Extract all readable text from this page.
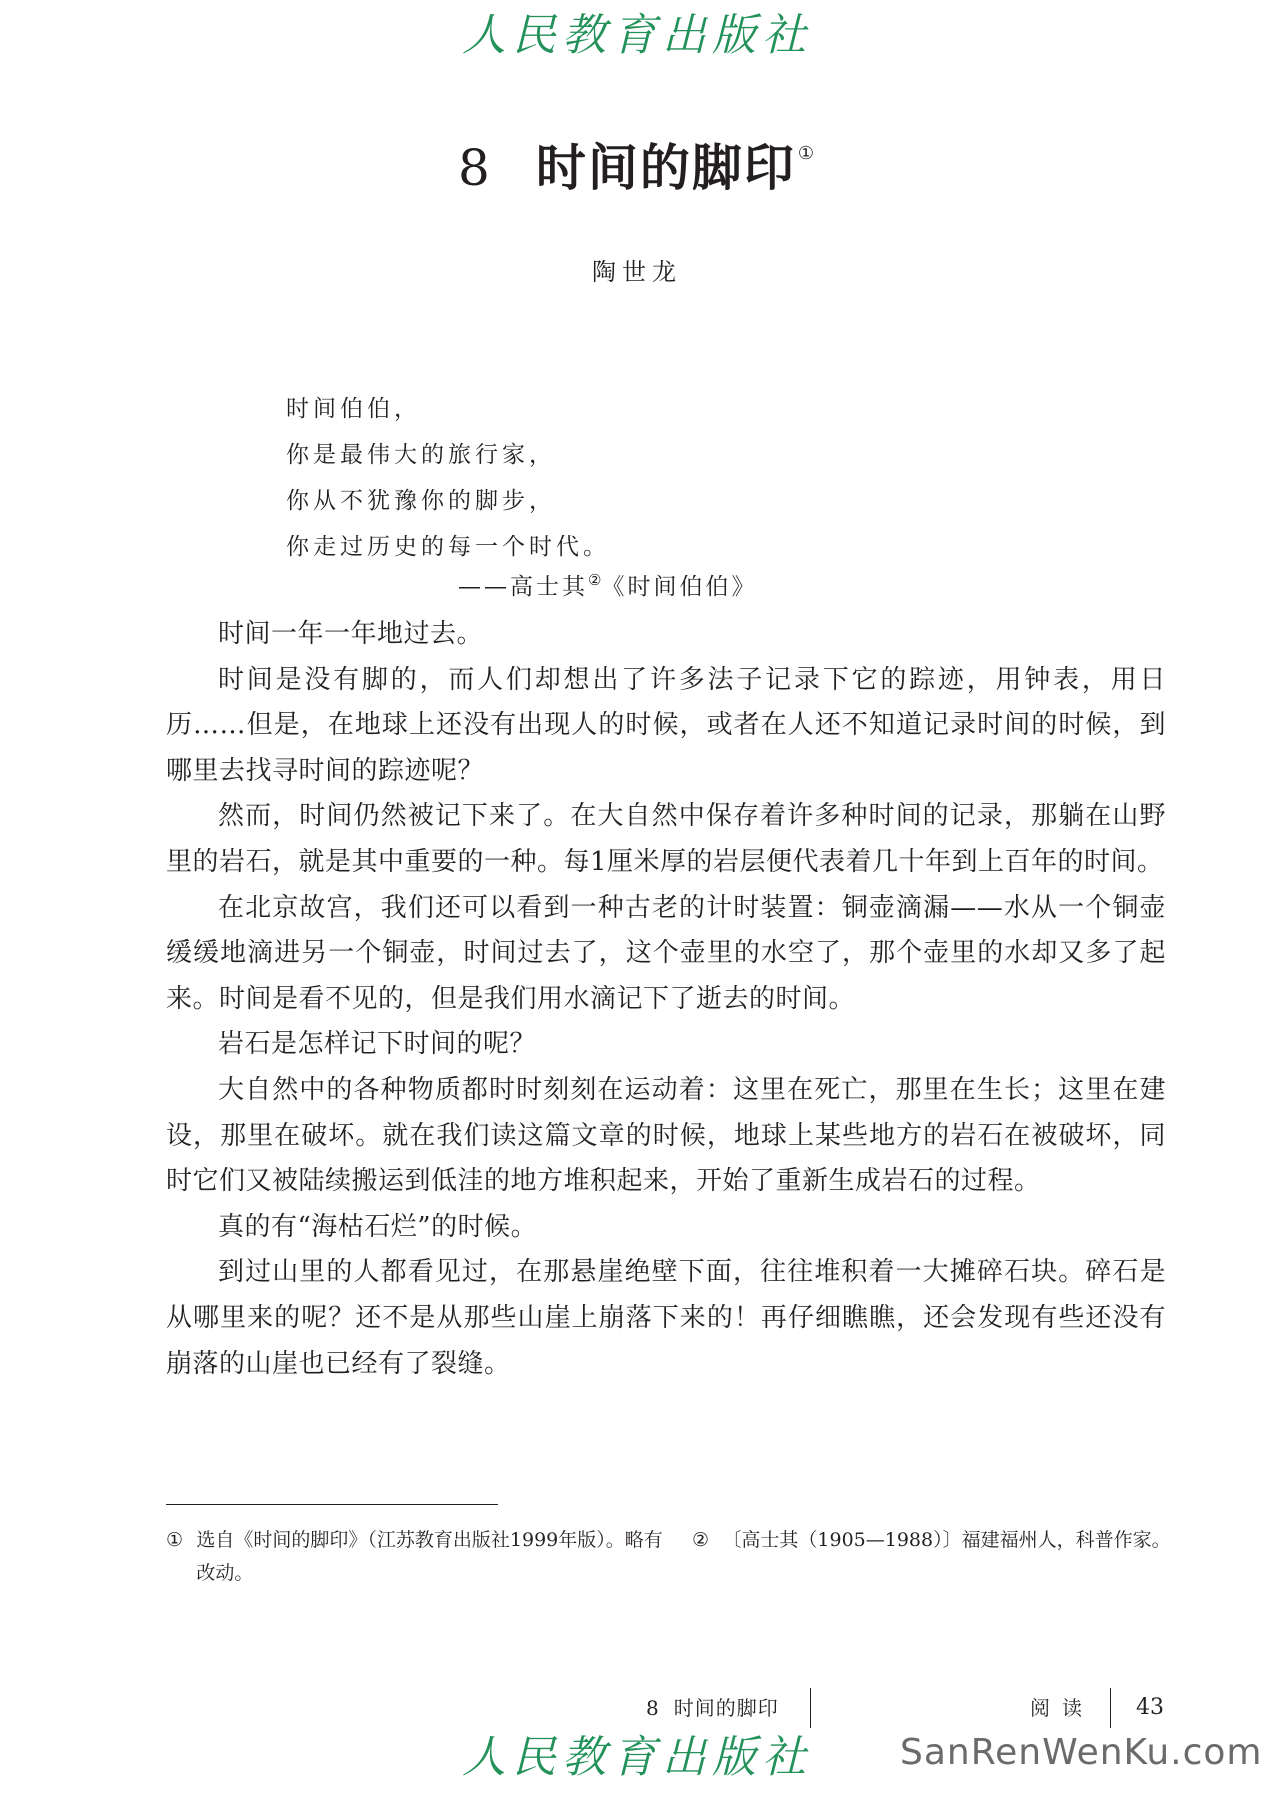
人民教育出版社
8 时间的脚印 ①
陶世龙
时间伯伯，
你是最伟大的旅行家，
你从不犹豫你的脚步，
你走过历史的每一个时代。
——高士其②《时间伯伯》

时间一年一年地过去。

时间是没有脚的，而人们却想出了许多法子记录下它的踪迹，用钟表，用日历……但是，在地球上还没有出现人的时候，或者在人还不知道记录时间的时候，到哪里去找寻时间的踪迹呢？

然而，时间仍然被记下来了。在大自然中保存着许多种时间的记录，那躺在山野里的岩石，就是其中重要的一种。每1厘米厚的岩层便代表着几十年到上百年的时间。

在北京故宫，我们还可以看到一种古老的计时装置：铜壶滴漏——水从一个铜壶缓缓地滴进另一个铜壶，时间过去了，这个壶里的水空了，那个壶里的水却又多了起来。时间是看不见的，但是我们用水滴记下了逝去的时间。

岩石是怎样记下时间的呢？

大自然中的各种物质都时时刻刻在运动着：这里在死亡，那里在生长；这里在建设，那里在破坏。就在我们读这篇文章的时候，地球上某些地方的岩石在被破坏，同时它们又被陆续搬运到低洼的地方堆积起来，开始了重新生成岩石的过程。

真的有“海枯石烂”的时候。

到过山里的人都看见过，在那悬崖绝壁下面，往往堆积着一大摊碎石块。碎石是从哪里来的呢？还不是从那些山崖上崩落下来的！再仔细瞧瞧，还会发现有些还没有崩落的山崖也已经有了裂缝。

① 选自《时间的脚印》（江苏教育出版社1999年版）。略有改动。
② 〔高士其（1905—1988）〕福建福州人，科普作家。
8 时间的脚印	阅读 43
人民教育出版社	SanRenWenKu.com
